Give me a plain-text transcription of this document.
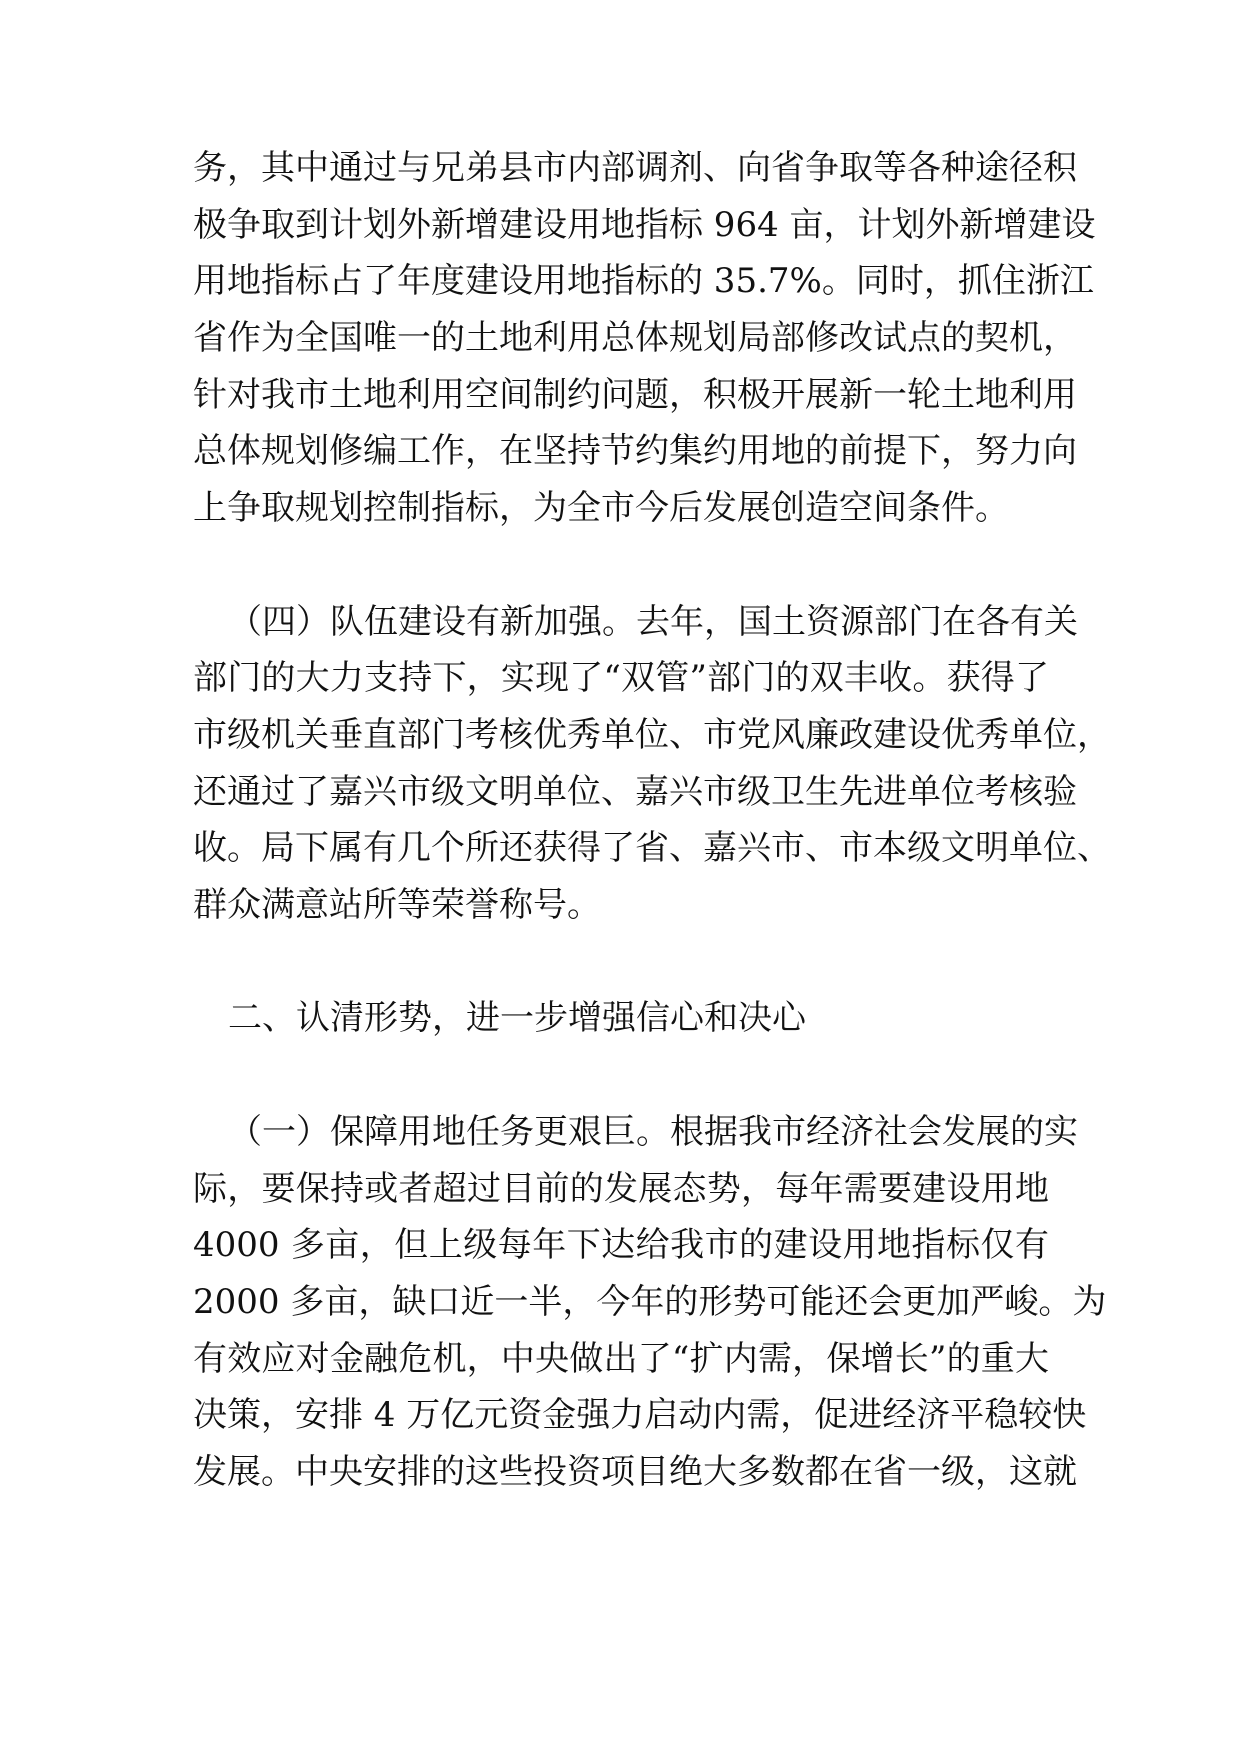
务，其中通过与兄弟县市内部调剂、向省争取等各种途径积
极争取到计划外新增建设用地指标 964 亩，计划外新增建设
用地指标占了年度建设用地指标的 35.7%。同时，抓住浙江
省作为全国唯一的土地利用总体规划局部修改试点的契机，
针对我市土地利用空间制约问题，积极开展新一轮土地利用
总体规划修编工作，在坚持节约集约用地的前提下，努力向
上争取规划控制指标，为全市今后发展创造空间条件。
（四）队伍建设有新加强。去年，国土资源部门在各有关
部门的大力支持下，实现了“双管”部门的双丰收。获得了
市级机关垂直部门考核优秀单位、市党风廉政建设优秀单位，
还通过了嘉兴市级文明单位、嘉兴市级卫生先进单位考核验
收。局下属有几个所还获得了省、嘉兴市、市本级文明单位、
群众满意站所等荣誉称号。
二、认清形势，进一步增强信心和决心
（一）保障用地任务更艰巨。根据我市经济社会发展的实
际，要保持或者超过目前的发展态势，每年需要建设用地
4000 多亩，但上级每年下达给我市的建设用地指标仅有
2000 多亩，缺口近一半，今年的形势可能还会更加严峻。为
有效应对金融危机，中央做出了“扩内需，保增长”的重大
决策，安排 4 万亿元资金强力启动内需，促进经济平稳较快
发展。中央安排的这些投资项目绝大多数都在省一级，这就
